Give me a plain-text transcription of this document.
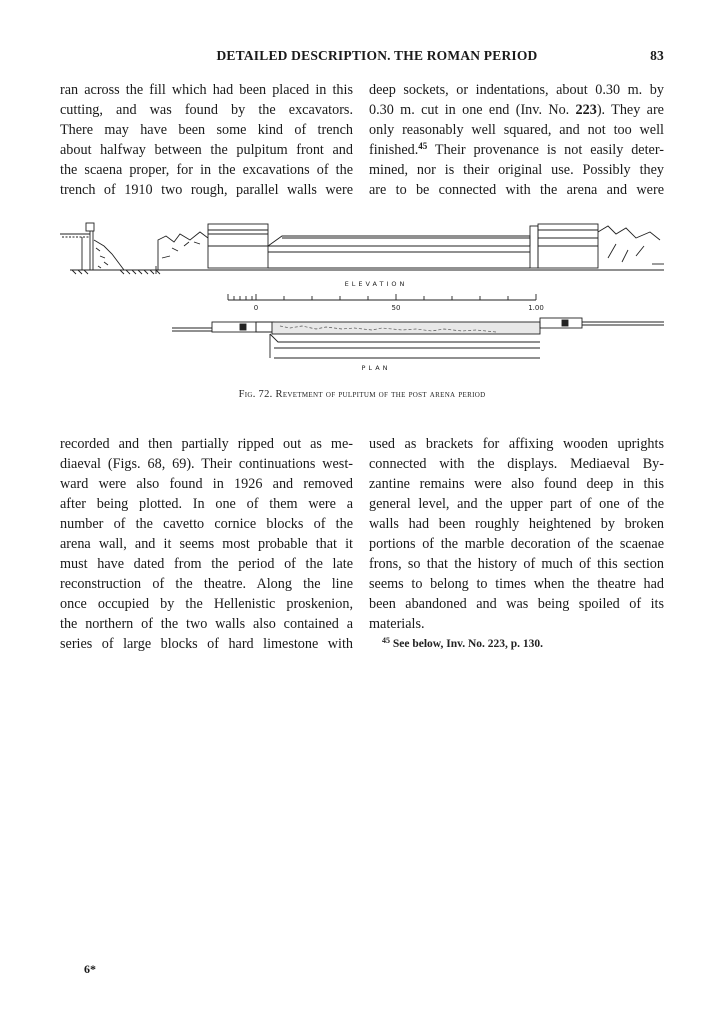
DETAILED DESCRIPTION. THE ROMAN PERIOD	83
ran across the fill which had been placed in this
cutting, and was found by the excavators.
There may have been some kind of trench
about halfway between the pulpitum front and
the scaena proper, for in the excavations of the
trench of 1910 two rough, parallel walls were
deep sockets, or indentations, about 0.30 m. by
0.30 m. cut in one end (Inv. No. 223). They are
only reasonably well squared, and not too well
finished.$^{45}$ Their provenance is not easily deter-
mined, nor is their original use. Possibly they
are to be connected with the arena and were
ELEVATION
0	50	1.00
PLAN
Fig. 72. Revetment of pulpitum of the post arena period
recorded and then partially ripped out as me-
diaeval (Figs. 68, 69). Their continuations west-
ward were also found in 1926 and removed
after being plotted. In one of them were a
number of the cavetto cornice blocks of the
arena wall, and it seems most probable that it
must have dated from the period of the late
reconstruction of the theatre. Along the line
once occupied by the Hellenistic proskenion,
the northern of the two walls also contained a
series of large blocks of hard limestone with
used as brackets for affixing wooden uprights
connected with the displays. Mediaeval By-
zantine remains were also found deep in this
general level, and the upper part of one of the
walls had been roughly heightened by broken
portions of the marble decoration of the scaenae
frons, so that the history of much of this section
seems to belong to times when the theatre had
been abandoned and was being spoiled of its
materials.
$^{45}$ See below, Inv. No. 223, p. 130.
6*
